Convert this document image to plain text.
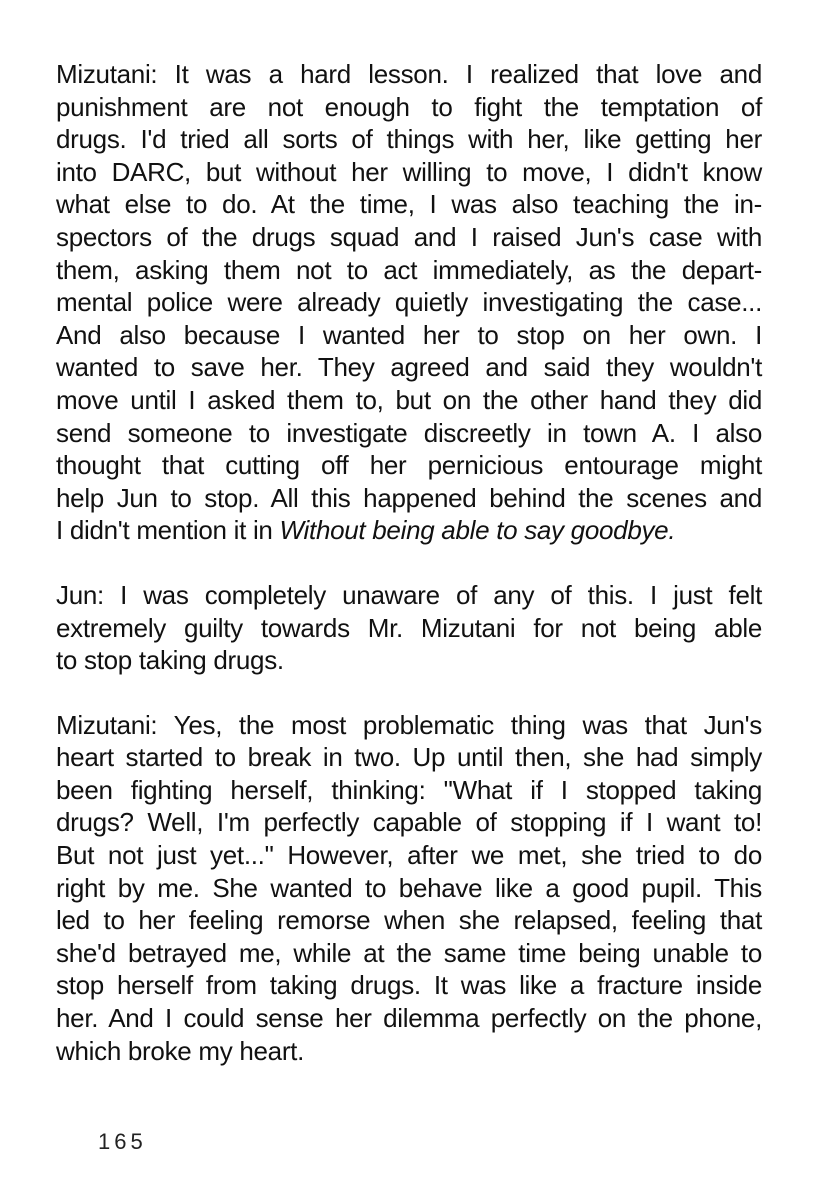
Mizutani: It was a hard lesson. I realized that love and
punishment are not enough to fight the temptation of
drugs. I'd tried all sorts of things with her, like getting her
into DARC, but without her willing to move, I didn't know
what else to do. At the time, I was also teaching the in-
spectors of the drugs squad and I raised Jun's case with
them, asking them not to act immediately, as the depart-
mental police were already quietly investigating the case...
And also because I wanted her to stop on her own. I
wanted to save her. They agreed and said they wouldn't
move until I asked them to, but on the other hand they did
send someone to investigate discreetly in town A. I also
thought that cutting off her pernicious entourage might
help Jun to stop. All this happened behind the scenes and
I didn't mention it in Without being able to say goodbye.

Jun: I was completely unaware of any of this. I just felt
extremely guilty towards Mr. Mizutani for not being able
to stop taking drugs.

Mizutani: Yes, the most problematic thing was that Jun's
heart started to break in two. Up until then, she had simply
been fighting herself, thinking: "What if I stopped taking
drugs? Well, I'm perfectly capable of stopping if I want to!
But not just yet..." However, after we met, she tried to do
right by me. She wanted to behave like a good pupil. This
led to her feeling remorse when she relapsed, feeling that
she'd betrayed me, while at the same time being unable to
stop herself from taking drugs. It was like a fracture inside
her. And I could sense her dilemma perfectly on the phone,
which broke my heart.

165
